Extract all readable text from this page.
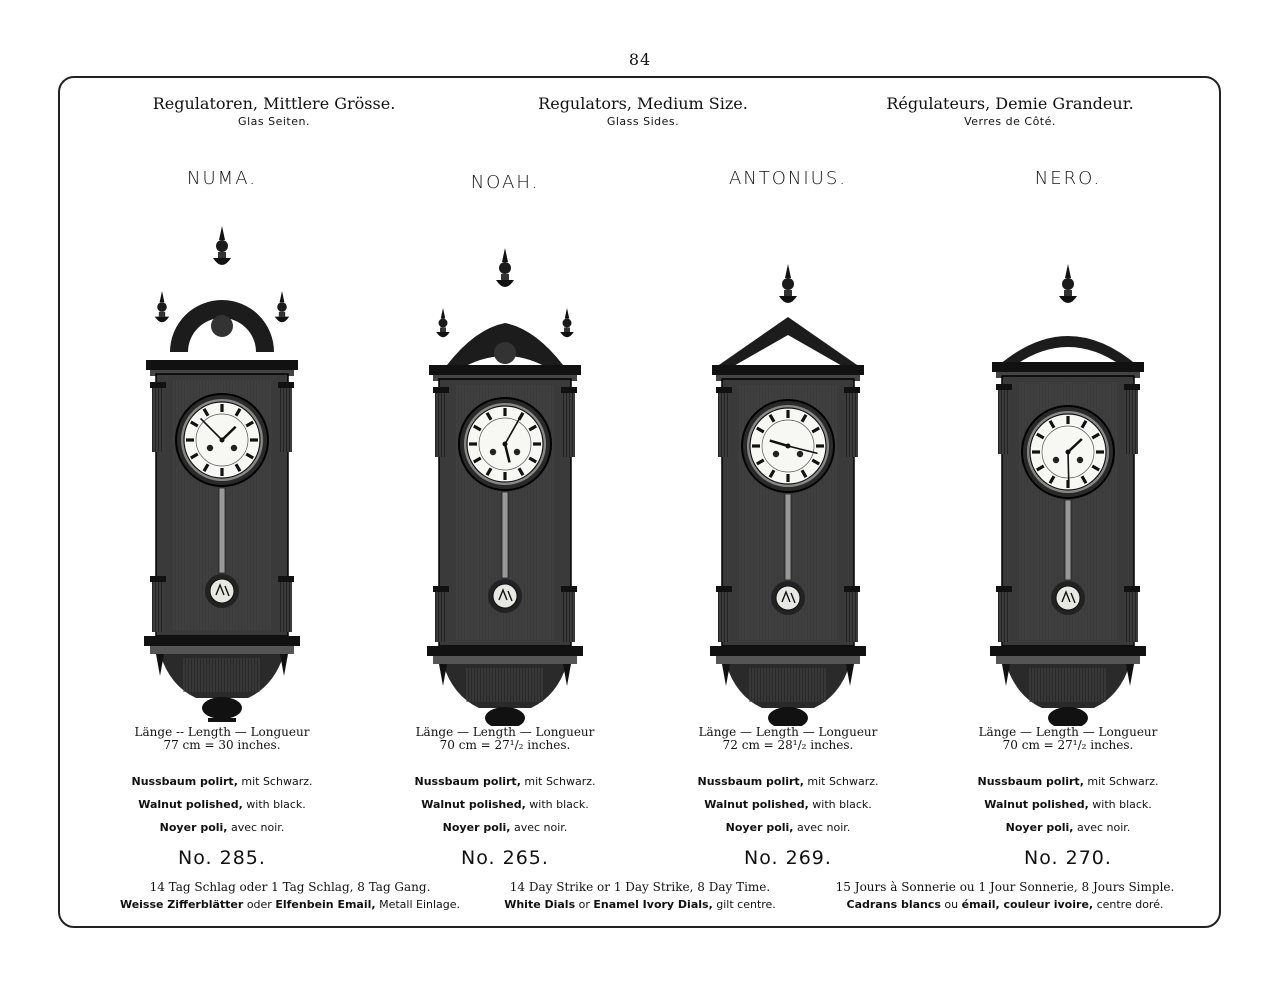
84
Regulatoren, Mittlere Grösse.
Glas Seiten.
Regulators, Medium Size.
Glass Sides.
Régulateurs, Demie Grandeur.
Verres de Côté.
NUMA.
Länge -- Length — Longueur
77 cm = 30 inches.
Nussbaum polirt, mit Schwarz.
Walnut polished, with black.
Noyer poli, avec noir.
No. 285.
NOAH.
Länge — Length — Longueur
70 cm = 27¹/₂ inches.
Nussbaum polirt, mit Schwarz.
Walnut polished, with black.
Noyer poli, avec noir.
No. 265.
ANTONIUS.
Länge — Length — Longueur
72 cm = 28¹/₂ inches.
Nussbaum polirt, mit Schwarz.
Walnut polished, with black.
Noyer poli, avec noir.
No. 269.
NERO.
Länge — Length — Longueur
70 cm = 27¹/₂ inches.
Nussbaum polirt, mit Schwarz.
Walnut polished, with black.
Noyer poli, avec noir.
No. 270.
14 Tag Schlag oder 1 Tag Schlag, 8 Tag Gang.
Weisse Zifferblätter oder Elfenbein Email, Metall Einlage.
14 Day Strike or 1 Day Strike, 8 Day Time.
White Dials or Enamel Ivory Dials, gilt centre.
15 Jours à Sonnerie ou 1 Jour Sonnerie, 8 Jours Simple.
Cadrans blancs ou émail, couleur ivoire, centre doré.
